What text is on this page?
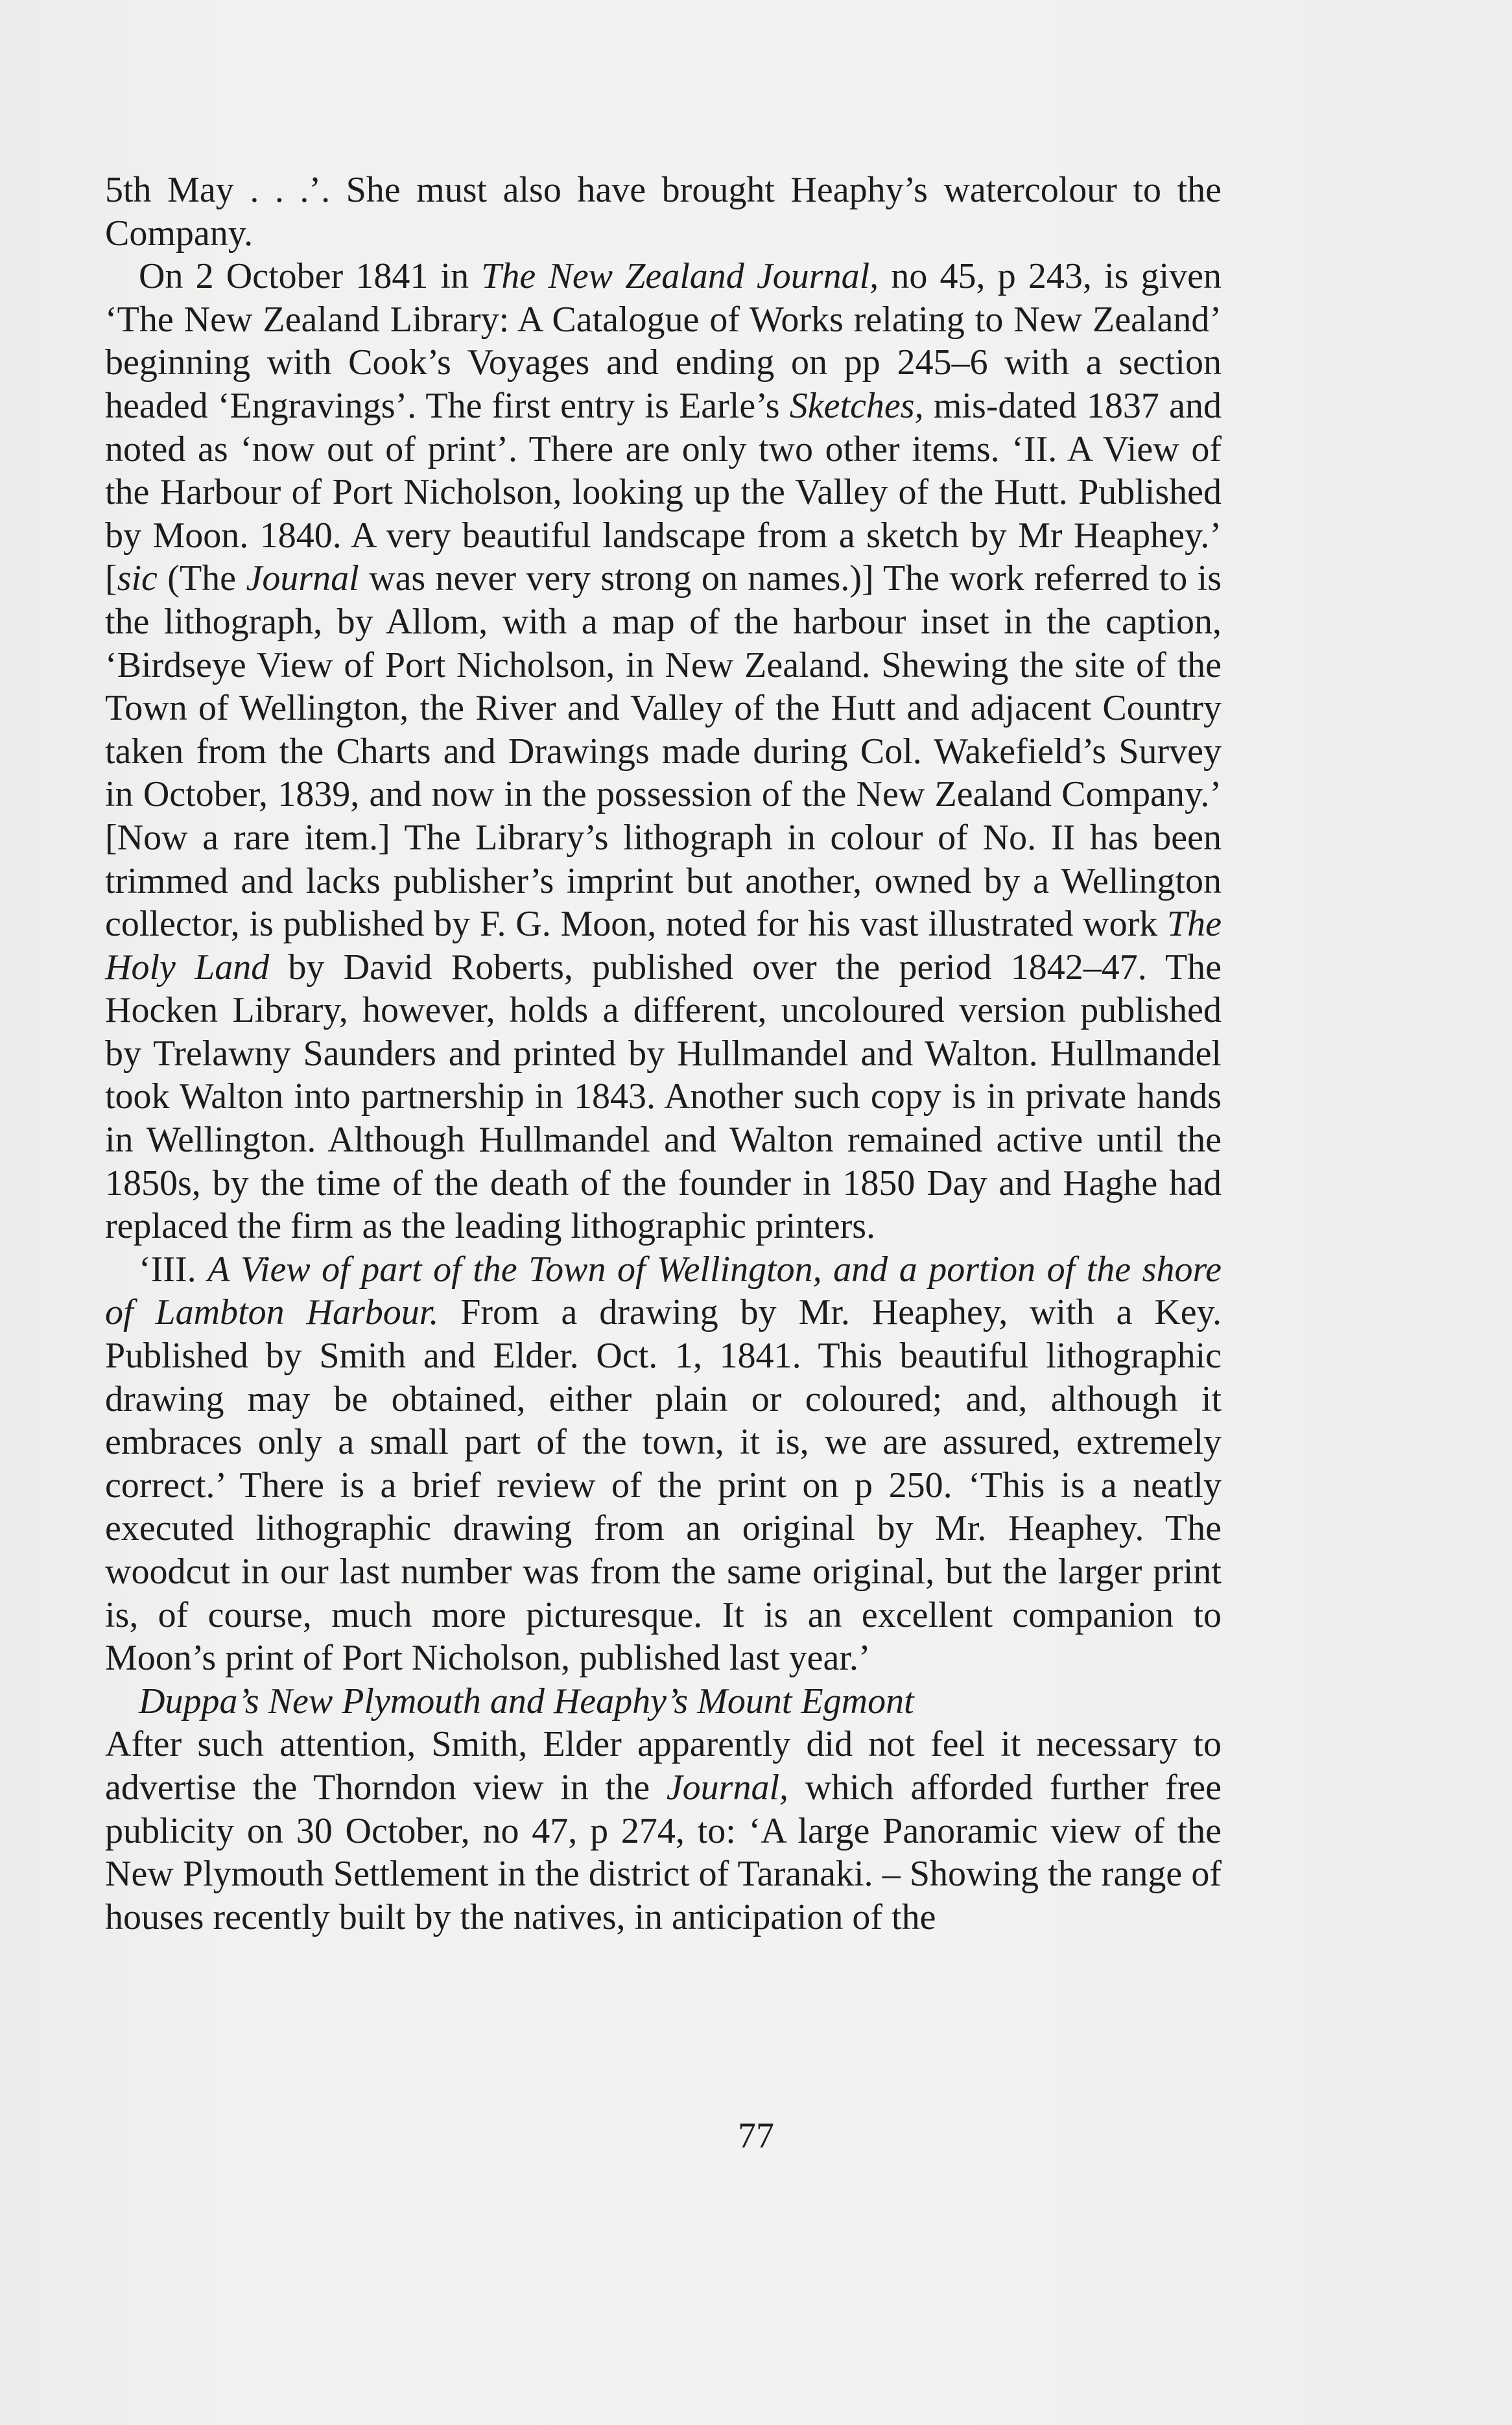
5th May . . .’. She must also have brought Heaphy’s watercolour to the Company.

On 2 October 1841 in The New Zealand Journal, no 45, p 243, is given ‘The New Zealand Library: A Catalogue of Works relating to New Zealand’ beginning with Cook’s Voyages and ending on pp 245–6 with a section headed ‘Engravings’. The first entry is Earle’s Sketches, mis-dated 1837 and noted as ‘now out of print’. There are only two other items. ‘II. A View of the Harbour of Port Nicholson, looking up the Valley of the Hutt. Published by Moon. 1840. A very beautiful landscape from a sketch by Mr Heaphey.’ [sic (The Journal was never very strong on names.)] The work referred to is the lithograph, by Allom, with a map of the harbour inset in the caption, ‘Birdseye View of Port Nicholson, in New Zealand. Shewing the site of the Town of Wellington, the River and Valley of the Hutt and adjacent Country taken from the Charts and Drawings made during Col. Wakefield’s Survey in October, 1839, and now in the possession of the New Zealand Company.’ [Now a rare item.] The Library’s lithograph in colour of No. II has been trimmed and lacks publisher’s imprint but another, owned by a Wellington collector, is published by F. G. Moon, noted for his vast illustrated work The Holy Land by David Roberts, published over the period 1842–47. The Hocken Library, however, holds a different, uncoloured version published by Trelawny Saunders and printed by Hullmandel and Walton. Hullmandel took Walton into partnership in 1843. Another such copy is in private hands in Wellington. Although Hullmandel and Walton remained active until the 1850s, by the time of the death of the founder in 1850 Day and Haghe had replaced the firm as the leading lithographic printers.

‘III. A View of part of the Town of Wellington, and a portion of the shore of Lambton Harbour. From a drawing by Mr. Heaphey, with a Key. Published by Smith and Elder. Oct. 1, 1841. This beautiful lithographic drawing may be obtained, either plain or coloured; and, although it embraces only a small part of the town, it is, we are assured, extremely correct.’ There is a brief review of the print on p 250. ‘This is a neatly executed lithographic drawing from an original by Mr. Heaphey. The woodcut in our last number was from the same original, but the larger print is, of course, much more picturesque. It is an excellent companion to Moon’s print of Port Nicholson, published last year.’

Duppa’s New Plymouth and Heaphy’s Mount Egmont

After such attention, Smith, Elder apparently did not feel it necessary to advertise the Thorndon view in the Journal, which afforded further free publicity on 30 October, no 47, p 274, to: ‘A large Panoramic view of the New Plymouth Settlement in the district of Taranaki. – Showing the range of houses recently built by the natives, in anticipation of the

77
